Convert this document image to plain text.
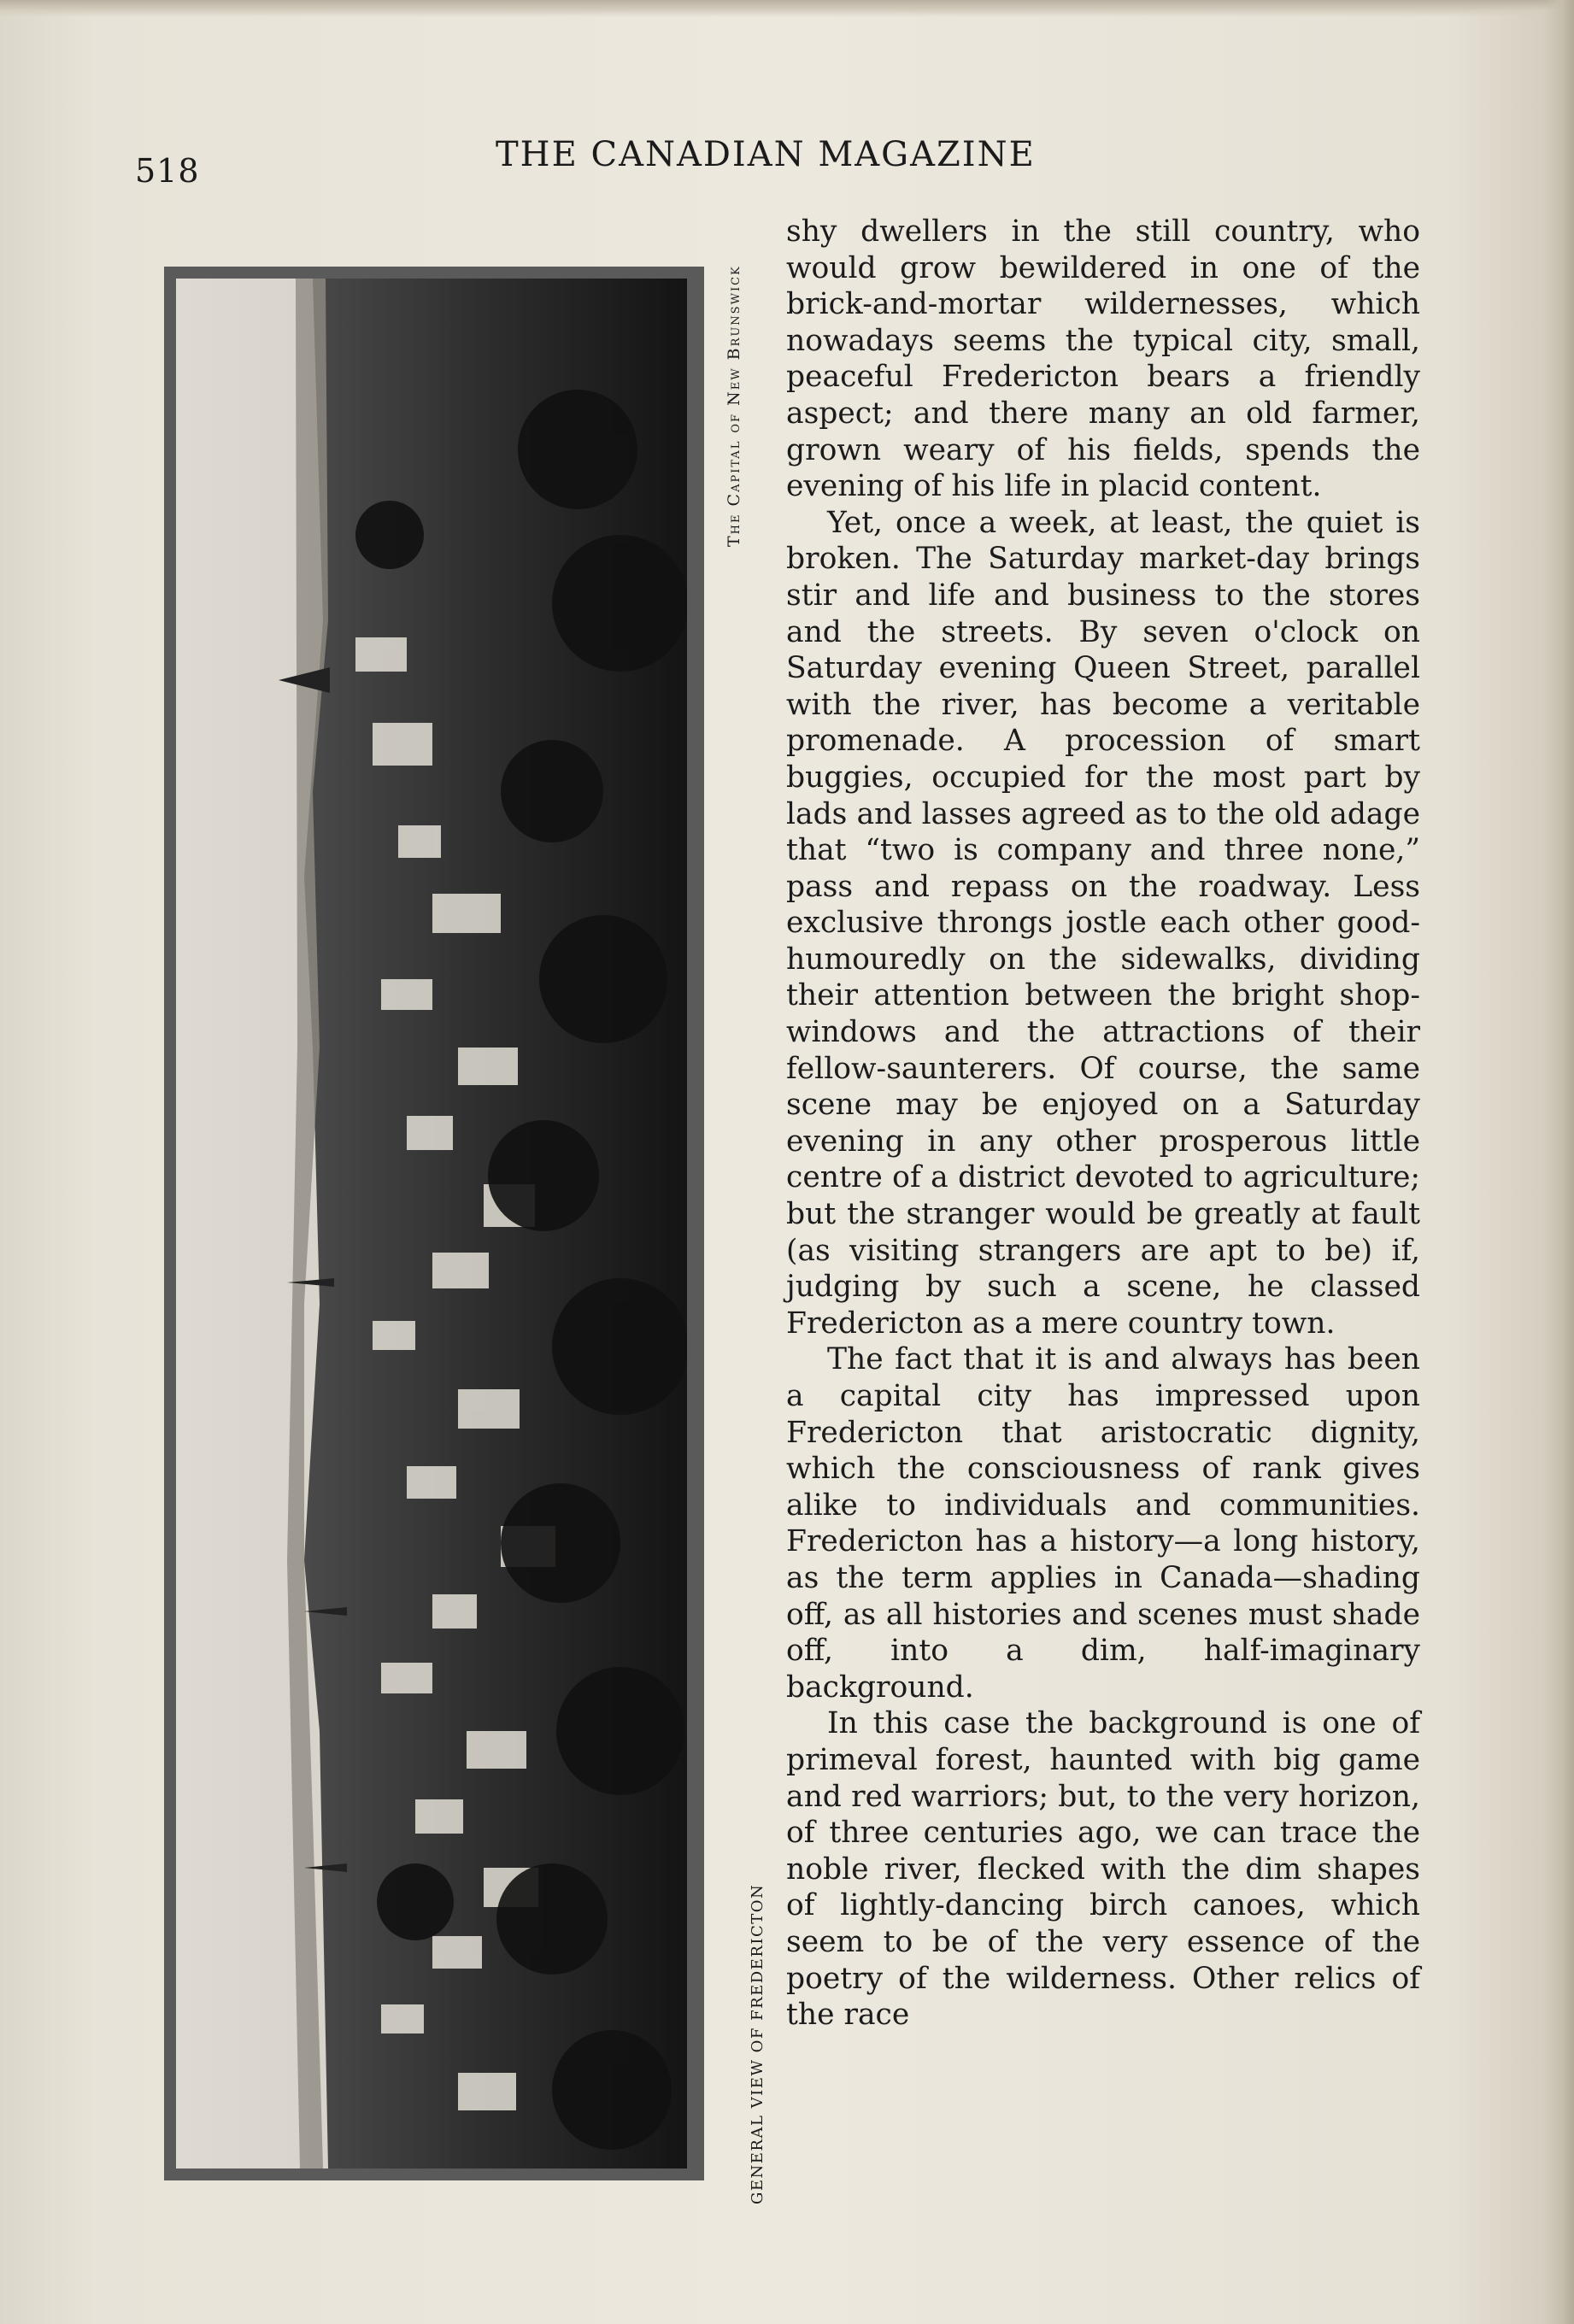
518	THE CANADIAN MAGAZINE
The Capital of New Brunswick
GENERAL VIEW OF FREDERICTON

shy dwellers in the still country, who would grow bewildered in one of the brick-and-mortar wildernesses, which nowadays seems the typical city, small, peaceful Fredericton bears a friendly aspect; and there many an old farmer, grown weary of his fields, spends the evening of his life in placid content.

Yet, once a week, at least, the quiet is broken. The Saturday market-day brings stir and life and business to the stores and the streets. By seven o'clock on Saturday evening Queen Street, parallel with the river, has become a veritable promenade. A procession of smart buggies, occupied for the most part by lads and lasses agreed as to the old adage that “two is company and three none,” pass and repass on the roadway. Less exclusive throngs jostle each other good-humouredly on the sidewalks, dividing their attention between the bright shop-windows and the attractions of their fellow-saunterers. Of course, the same scene may be enjoyed on a Saturday evening in any other prosperous little centre of a district devoted to agriculture; but the stranger would be greatly at fault (as visiting strangers are apt to be) if, judging by such a scene, he classed Fredericton as a mere country town.

The fact that it is and always has been a capital city has impressed upon Fredericton that aristocratic dignity, which the consciousness of rank gives alike to individuals and communities. Fredericton has a history—a long history, as the term applies in Canada—shading off, as all histories and scenes must shade off, into a dim, half-imaginary background.

In this case the background is one of primeval forest, haunted with big game and red warriors; but, to the very horizon, of three centuries ago, we can trace the noble river, flecked with the dim shapes of lightly-dancing birch canoes, which seem to be of the very essence of the poetry of the wilderness. Other relics of the race
